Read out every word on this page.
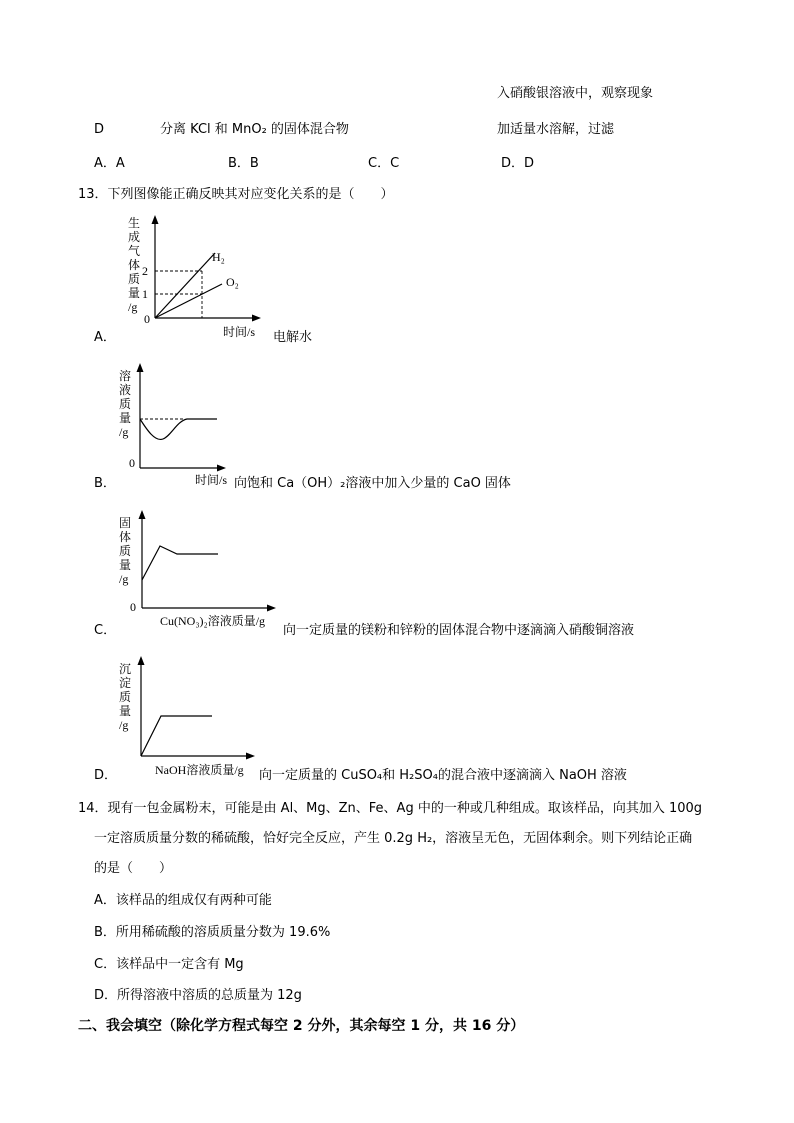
入硝酸银溶液中，观察现象
D	分离 KCl 和 MnO₂ 的固体混合物	加适量水溶解，过滤
A．A	B．B	C．C	D．D
13．下列图像能正确反映其对应变化关系的是（　　）
A．
生
成
气
体
质
量
/g
2
1
0
H₂
O₂
时间/s 电解水
B．
溶
液
质
量
/g
0
时间/s 向饱和 Ca（OH）₂溶液中加入少量的 CaO 固体
C．
固
体
质
量
/g
0
Cu(NO₃)₂溶液质量/g
向一定质量的镁粉和锌粉的固体混合物中逐滴滴入硝酸铜溶液
D．
沉
淀
质
量
/g
NaOH溶液质量/g 向一定质量的 CuSO₄和 H₂SO₄的混合液中逐滴滴入 NaOH 溶液
14．现有一包金属粉末，可能是由 Al、Mg、Zn、Fe、Ag 中的一种或几种组成。取该样品，向其加入 100g
一定溶质质量分数的稀硫酸，恰好完全反应，产生 0.2g H₂，溶液呈无色，无固体剩余。则下列结论正确
的是（　　）
A．该样品的组成仅有两种可能
B．所用稀硫酸的溶质质量分数为 19.6%
C．该样品中一定含有 Mg
D．所得溶液中溶质的总质量为 12g
二、我会填空（除化学方程式每空 2 分外，其余每空 1 分，共 16 分）
